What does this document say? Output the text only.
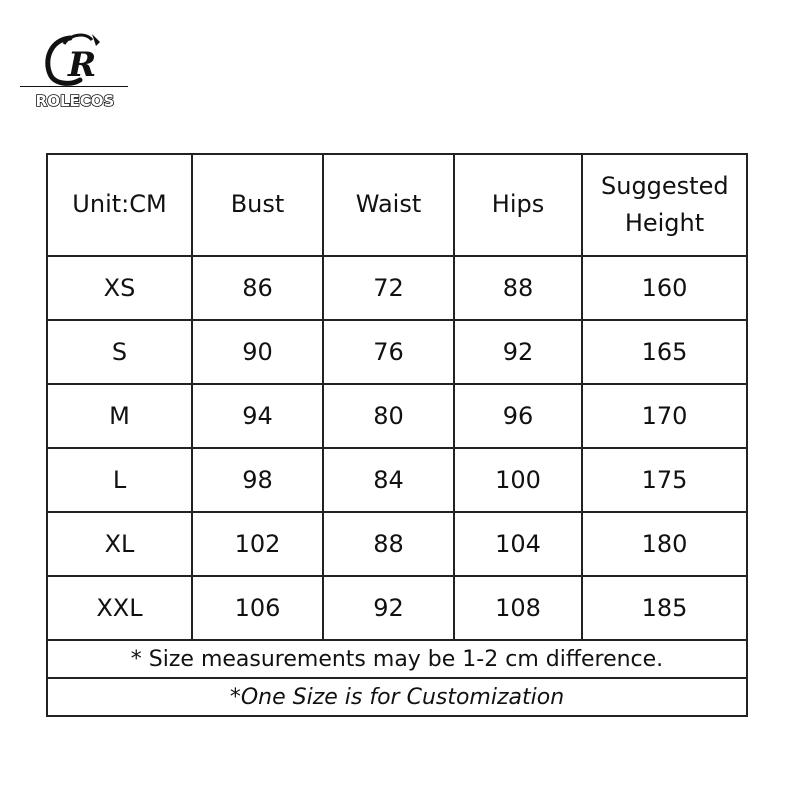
R
ROLECOS
Unit:CM	Bust	Waist	Hips	Suggested Height
XS	86	72	88	160
S	90	76	92	165
M	94	80	96	170
L	98	84	100	175
XL	102	88	104	180
XXL	106	92	108	185
* Size measurements may be 1-2 cm difference.				
*One Size is for Customization				
